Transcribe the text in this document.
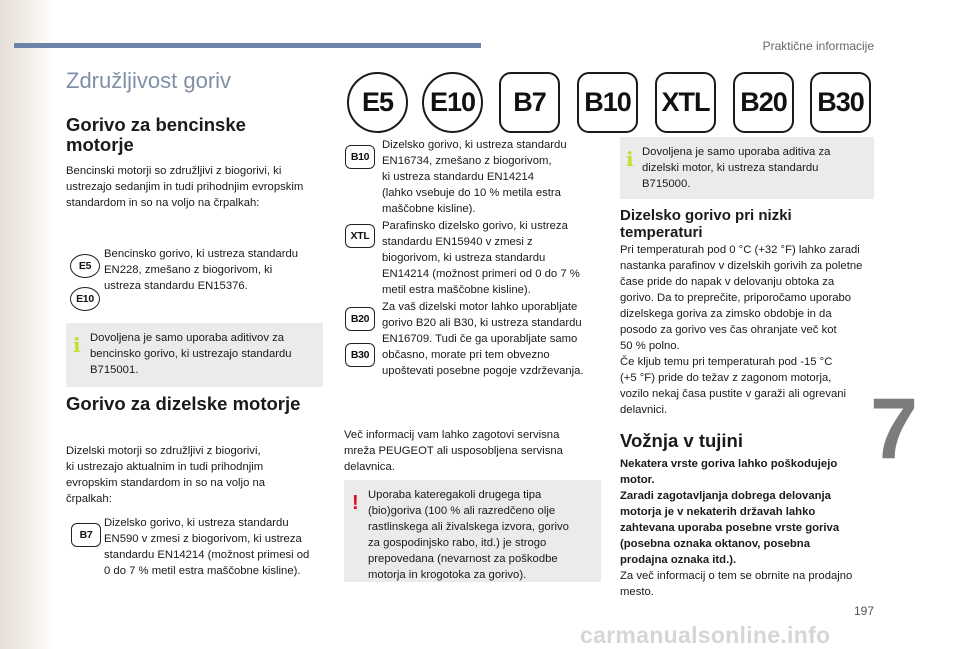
Praktične informacije
Združljivost goriv
E5	E10	B7	B10 XTL B20 B30
Gorivo za bencinske
motorje
Bencinski motorji so združljivi z biogorivi, ki
ustrezajo sedanjim in tudi prihodnjim evropskim
standardom in so na voljo na črpalkah:
E5
E10
Bencinsko gorivo, ki ustreza standardu
EN228, zmešano z biogorivom, ki
ustreza standardu EN15376.
i Dovoljena je samo uporaba aditivov za
bencinsko gorivo, ki ustrezajo standardu
B715001.
Gorivo za dizelske motorje
Dizelski motorji so združljivi z biogorivi,
ki ustrezajo aktualnim in tudi prihodnjim
evropskim standardom in so na voljo na
črpalkah:
B7
Dizelsko gorivo, ki ustreza standardu
EN590 v zmesi z biogorivom, ki ustreza
standardu EN14214 (možnost primesi od
0 do 7 % metil estra maščobne kisline).
B10
Dizelsko gorivo, ki ustreza standardu
EN16734, zmešano z biogorivom,
ki ustreza standardu EN14214
(lahko vsebuje do 10 % metila estra
maščobne kisline).
XTL
Parafinsko dizelsko gorivo, ki ustreza
standardu EN15940 v zmesi z
biogorivom, ki ustreza standardu
EN14214 (možnost primeri od 0 do 7 %
metil estra maščobne kisline).
B20
B30
Za vaš dizelski motor lahko uporabljate
gorivo B20 ali B30, ki ustreza standardu
EN16709. Tudi če ga uporabljate samo
občasno, morate pri tem obvezno
upoštevati posebne pogoje vzdrževanja.
Več informacij vam lahko zagotovi servisna
mreža PEUGEOT ali usposobljena servisna
delavnica.
! Uporaba kateregakoli drugega tipa
(bio)goriva (100 % ali razredčeno olje
rastlinskega ali živalskega izvora, gorivo
za gospodinjsko rabo, itd.) je strogo
prepovedana (nevarnost za poškodbe
motorja in krogotoka za gorivo).
i Dovoljena je samo uporaba aditiva za
dizelski motor, ki ustreza standardu
B715000.
Dizelsko gorivo pri nizki
temperaturi
Pri temperaturah pod 0 °C (+32 °F) lahko zaradi
nastanka parafinov v dizelskih gorivih za poletne
čase pride do napak v delovanju obtoka za
gorivo. Da to preprečite, priporočamo uporabo
dizelskega goriva za zimsko obdobje in da
posodo za gorivo ves čas ohranjate več kot
50 % polno.
Če kljub temu pri temperaturah pod -15 °C
(+5 °F) pride do težav z zagonom motorja,
vozilo nekaj časa pustite v garaži ali ogrevani
delavnici.
Vožnja v tujini
Nekatera vrste goriva lahko poškodujejo
motor.
Zaradi zagotavljanja dobrega delovanja
motorja je v nekaterih državah lahko
zahtevana uporaba posebne vrste goriva
(posebna oznaka oktanov, posebna
prodajna oznaka itd.).
Za več informacij o tem se obrnite na prodajno
mesto.
7
197
carmanualsonline.info
